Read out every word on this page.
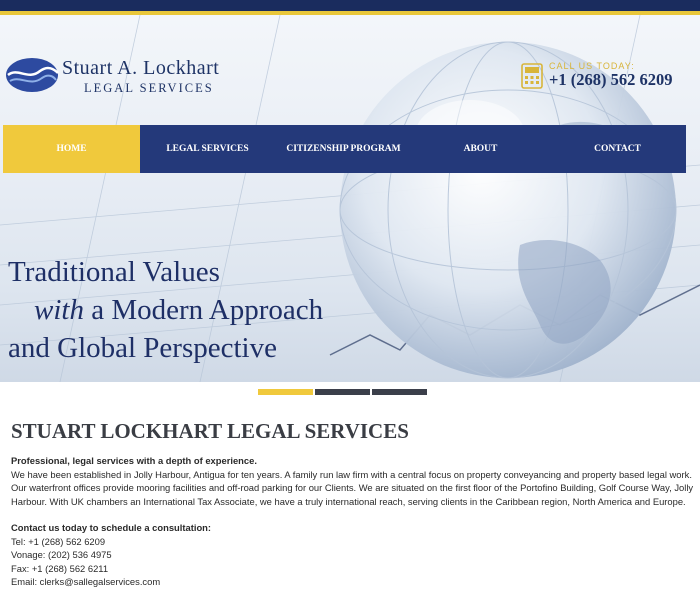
Stuart A. Lockhart
LEGAL SERVICES
CALL US TODAY:
+1 (268) 562 6209
HOME	LEGAL SERVICES	CITIZENSHIP PROGRAM	ABOUT	CONTACT
Traditional Values
with a Modern Approach
and Global Perspective
STUART LOCKHART LEGAL SERVICES

Professional, legal services with a depth of experience.

We have been established in Jolly Harbour, Antigua for ten years. A family run law firm with a central focus on property conveyancing and property based legal work. Our waterfront offices provide mooring facilities and off-road parking for our Clients. We are situated on the first floor of the Portofino Building, Golf Course Way, Jolly Harbour. With UK chambers an International Tax Associate, we have a truly international reach, serving clients in the Caribbean region, North America and Europe.

Contact us today to schedule a consultation:

Tel: +1 (268) 562 6209

Vonage: (202) 536 4975

Fax: +1 (268) 562 6211

Email: clerks@sallegalservices.com
